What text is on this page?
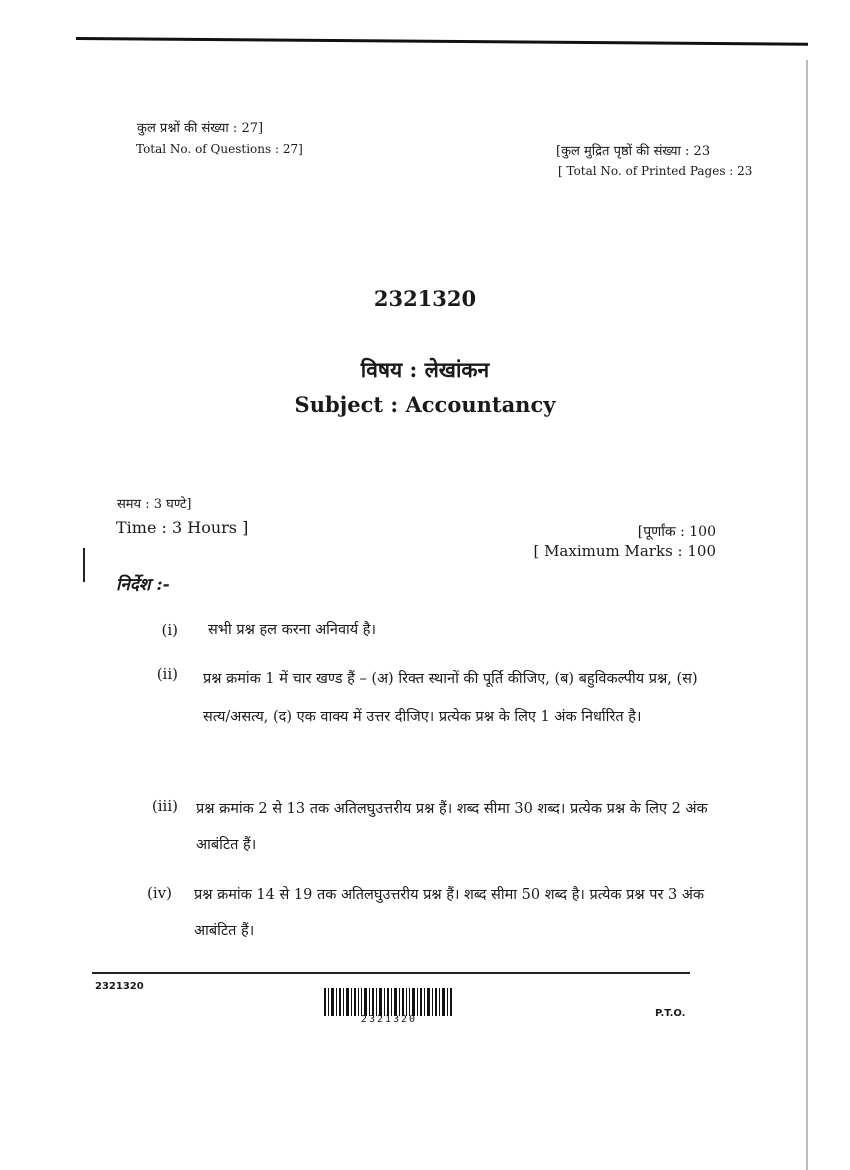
कुल प्रश्नों की संख्या : 27]
Total No. of Questions : 27]	[कुल मुद्रित पृष्ठों की संख्या : 23
[ Total No. of Printed Pages : 23
2321320
विषय : लेखांकन
Subject : Accountancy
समय : 3 घण्टे]
Time : 3 Hours ]	[पूर्णांक : 100
[ Maximum Marks : 100
निर्देश :-
(i) सभी प्रश्न हल करना अनिवार्य है।
(ii) प्रश्न क्रमांक 1 में चार खण्ड हैं – (अ) रिक्त स्थानों की पूर्ति कीजिए, (ब) बहुविकल्पीय प्रश्न, (स) सत्य/असत्य, (द) एक वाक्य में उत्तर दीजिए। प्रत्येक प्रश्न के लिए 1 अंक निर्धारित है।
(iii) प्रश्न क्रमांक 2 से 13 तक अतिलघुउत्तरीय प्रश्न हैं। शब्द सीमा 30 शब्द। प्रत्येक प्रश्न के लिए 2 अंक आबंटित हैं।
(iv) प्रश्न क्रमांक 14 से 19 तक अतिलघुउत्तरीय प्रश्न हैं। शब्द सीमा 50 शब्द है। प्रत्येक प्रश्न पर 3 अंक आबंटित हैं।
2321320
2321320
P.T.O.
